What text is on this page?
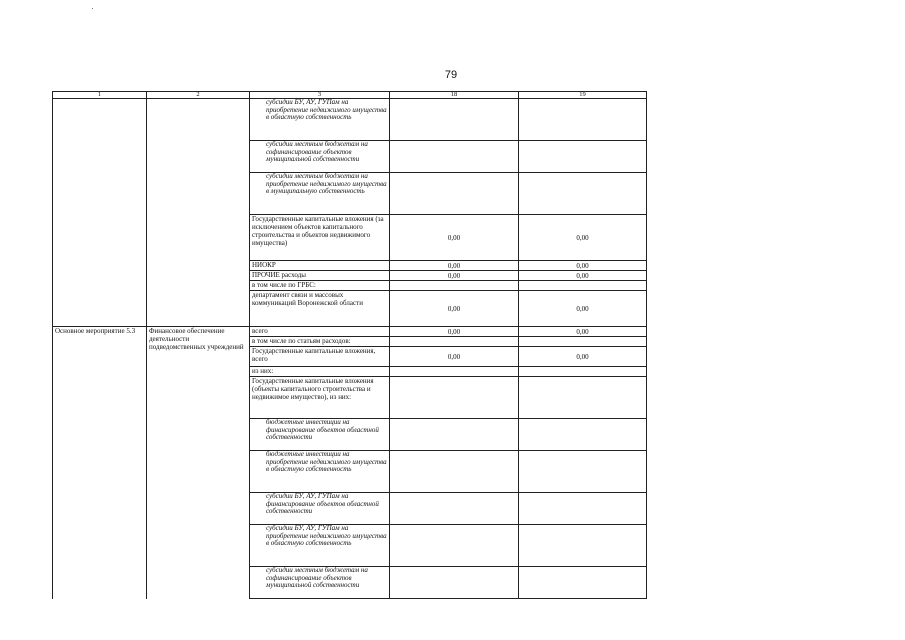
79
1	2	3	18	19
		субсидии БУ, АУ, ГУПам на приобретение недвижимого имущества в областную собственность		
		субсидии местным бюджетам на софинансирование объектов муниципальной собственности		
		субсидии местным бюджетам на приобретение недвижимого имущества в муниципальную собственность		
		Государственные капитальные вложения (за исключением объектов капитального строительства и объектов недвижимого имущества)	0,00	0,00
		НИОКР	0,00	0,00
		ПРОЧИЕ расходы	0,00	0,00
		в том числе по ГРБС:		
		департамент связи и массовых коммуникаций Воронежской области	0,00	0,00
Основное мероприятие 5.3	Финансовое обеспечение деятельности подведомственных учреждений	всего	0,00	0,00
		в том числе по статьям расходов:		
		Государственные капитальные вложения, всего	0,00	0,00
		из них:		
		Государственные капитальные вложения (объекты капитального строительства и недвижимое имущество), из них:		
		бюджетные инвестиции на финансирование объектов областной собственности		
		бюджетные инвестиции на приобретение недвижимого имущества в областную собственность		
		субсидии БУ, АУ, ГУПам на финансирование объектов областной собственности		
		субсидии БУ, АУ, ГУПам на приобретение недвижимого имущества в областную собственность		
		субсидии местным бюджетам на софинансирование объектов муниципальной собственности		
